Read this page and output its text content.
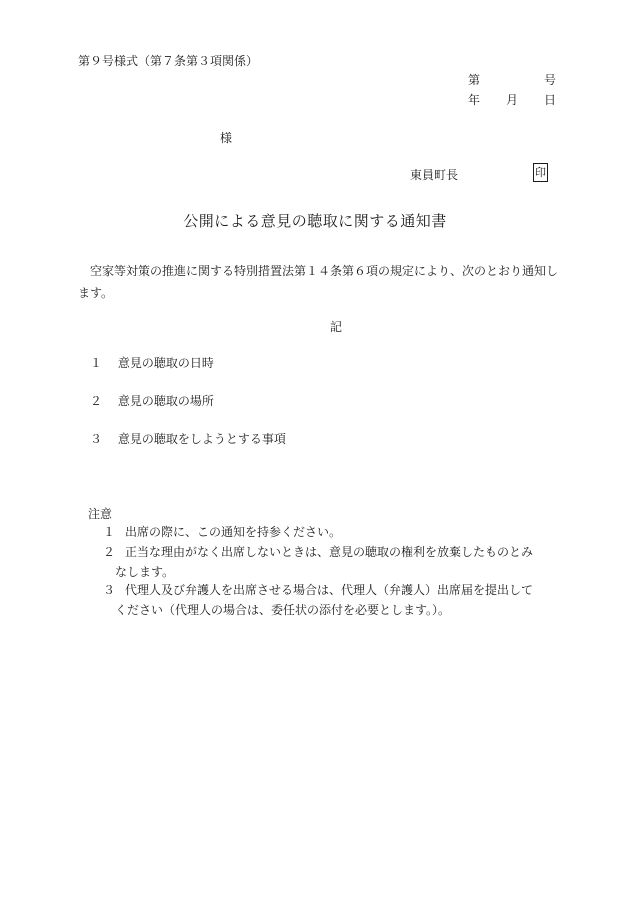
第９号様式（第７条第３項関係）
第	号
年 月 日
様
東員町長	印
公開による意見の聴取に関する通知書
空家等対策の推進に関する特別措置法第１４条第６項の規定により、次のとおり通知します。
記
１ 意見の聴取の日時
２ 意見の聴取の場所
３ 意見の聴取をしようとする事項
注意
１ 出席の際に、この通知を持参ください。
２ 正当な理由がなく出席しないときは、意見の聴取の権利を放棄したものとみ
なします。
３ 代理人及び弁護人を出席させる場合は、代理人（弁護人）出席届を提出して
ください（代理人の場合は、委任状の添付を必要とします。）。
